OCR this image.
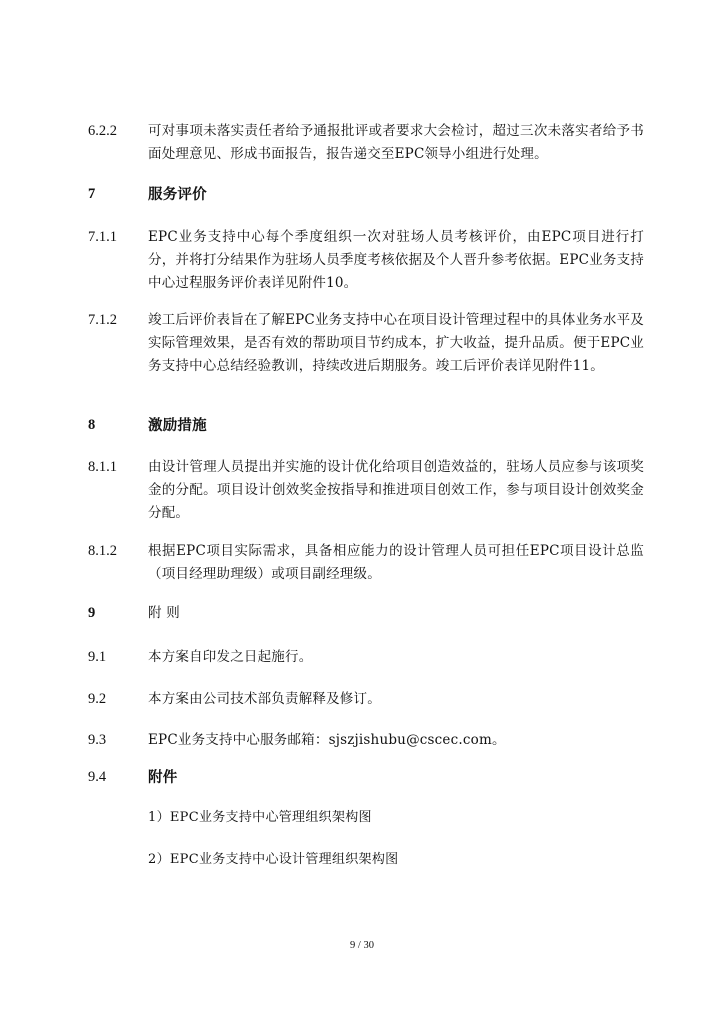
6.2.2 可对事项未落实责任者给予通报批评或者要求大会检讨，超过三次未落实者给予书面处理意见、形成书面报告，报告递交至EPC领导小组进行处理。
7	服务评价
7.1.1 EPC业务支持中心每个季度组织一次对驻场人员考核评价，由EPC项目进行打分，并将打分结果作为驻场人员季度考核依据及个人晋升参考依据。EPC业务支持中心过程服务评价表详见附件10。
7.1.2 竣工后评价表旨在了解EPC业务支持中心在项目设计管理过程中的具体业务水平及实际管理效果，是否有效的帮助项目节约成本，扩大收益，提升品质。便于EPC业务支持中心总结经验教训，持续改进后期服务。竣工后评价表详见附件11。
8	激励措施
8.1.1 由设计管理人员提出并实施的设计优化给项目创造效益的，驻场人员应参与该项奖金的分配。项目设计创效奖金按指导和推进项目创效工作，参与项目设计创效奖金分配。
8.1.2 根据EPC项目实际需求，具备相应能力的设计管理人员可担任EPC项目设计总监（项目经理助理级）或项目副经理级。
9	附 则
9.1	本方案自印发之日起施行。
9.2	本方案由公司技术部负责解释及修订。
9.3	EPC业务支持中心服务邮箱：sjszjishubu@cscec.com。
9.4	附件
1）EPC业务支持中心管理组织架构图
2）EPC业务支持中心设计管理组织架构图
9 / 30
